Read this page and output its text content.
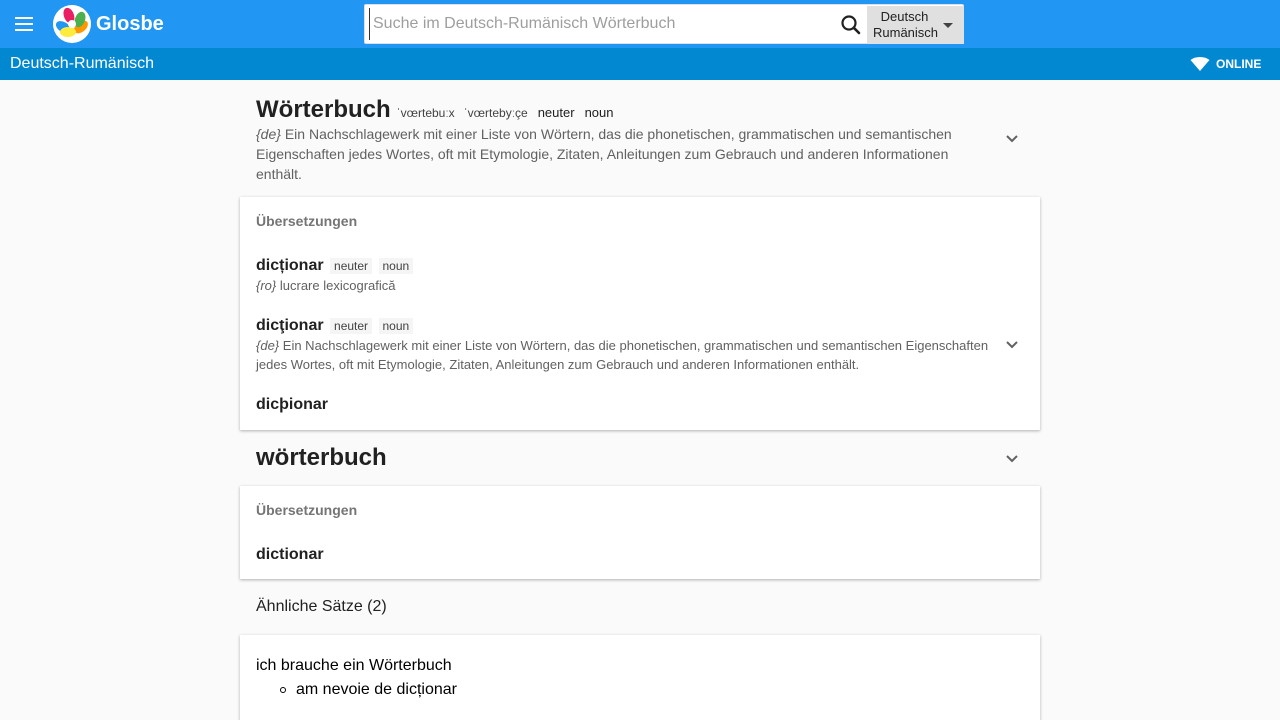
Glosbe
Suche im Deutsch-Rumänisch Wörterbuch	Deutsch
Rumänisch
Deutsch-Rumänisch	ONLINE
Wörterbuch ˈvœrtebuːx ˈvœrtebyːçe neuter noun
{de} Ein Nachschlagewerk mit einer Liste von Wörtern, das die phonetischen, grammatischen und semantischen Eigenschaften jedes Wortes, oft mit Etymologie, Zitaten, Anleitungen zum Gebrauch und anderen Informationen enthält.
Übersetzungen
dicționar neuter noun
{ro} lucrare lexicografică
dicţionar neuter noun
{de} Ein Nachschlagewerk mit einer Liste von Wörtern, das die phonetischen, grammatischen und semantischen Eigenschaften jedes Wortes, oft mit Etymologie, Zitaten, Anleitungen zum Gebrauch und anderen Informationen enthält.
dicþionar
wörterbuch
Übersetzungen
dictionar
Ähnliche Sätze (2)
ich brauche ein Wörterbuch
am nevoie de dicționar
